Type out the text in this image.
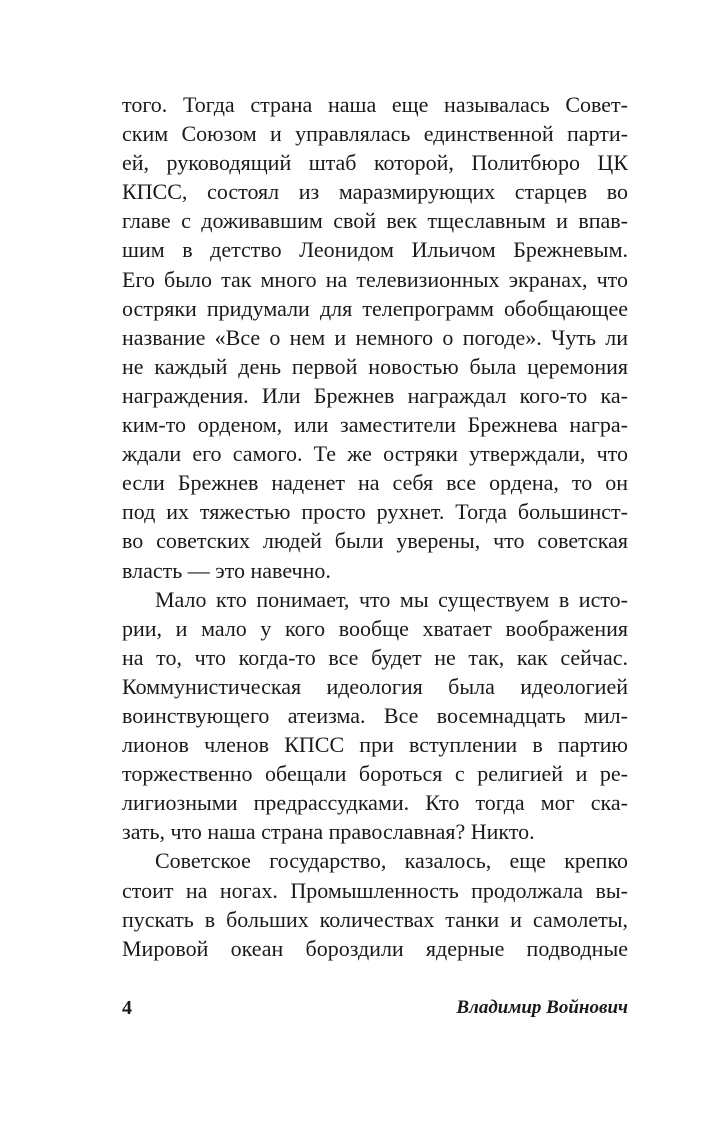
того. Тогда страна наша еще называлась Совет-
ским Союзом и управлялась единственной парти-
ей, руководящий штаб которой, Политбюро ЦК
КПСС, состоял из маразмирующих старцев во
главе с доживавшим свой век тщеславным и впав-
шим в детство Леонидом Ильичом Брежневым.
Его было так много на телевизионных экранах, что
остряки придумали для телепрограмм обобщающее
название «Все о нем и немного о погоде». Чуть ли
не каждый день первой новостью была церемония
награждения. Или Брежнев награждал кого-то ка-
ким-то орденом, или заместители Брежнева награ-
ждали его самого. Те же остряки утверждали, что
если Брежнев наденет на себя все ордена, то он
под их тяжестью просто рухнет. Тогда большинст-
во советских людей были уверены, что советская
власть — это навечно.
Мало кто понимает, что мы существуем в исто-
рии, и мало у кого вообще хватает воображения
на то, что когда-то все будет не так, как сейчас.
Коммунистическая идеология была идеологией
воинствующего атеизма. Все восемнадцать мил-
лионов членов КПСС при вступлении в партию
торжественно обещали бороться с религией и ре-
лигиозными предрассудками. Кто тогда мог ска-
зать, что наша страна православная? Никто.
Советское государство, казалось, еще крепко
стоит на ногах. Промышленность продолжала вы-
пускать в больших количествах танки и самолеты,
Мировой океан бороздили ядерные подводные
4	Владимир Войнович
